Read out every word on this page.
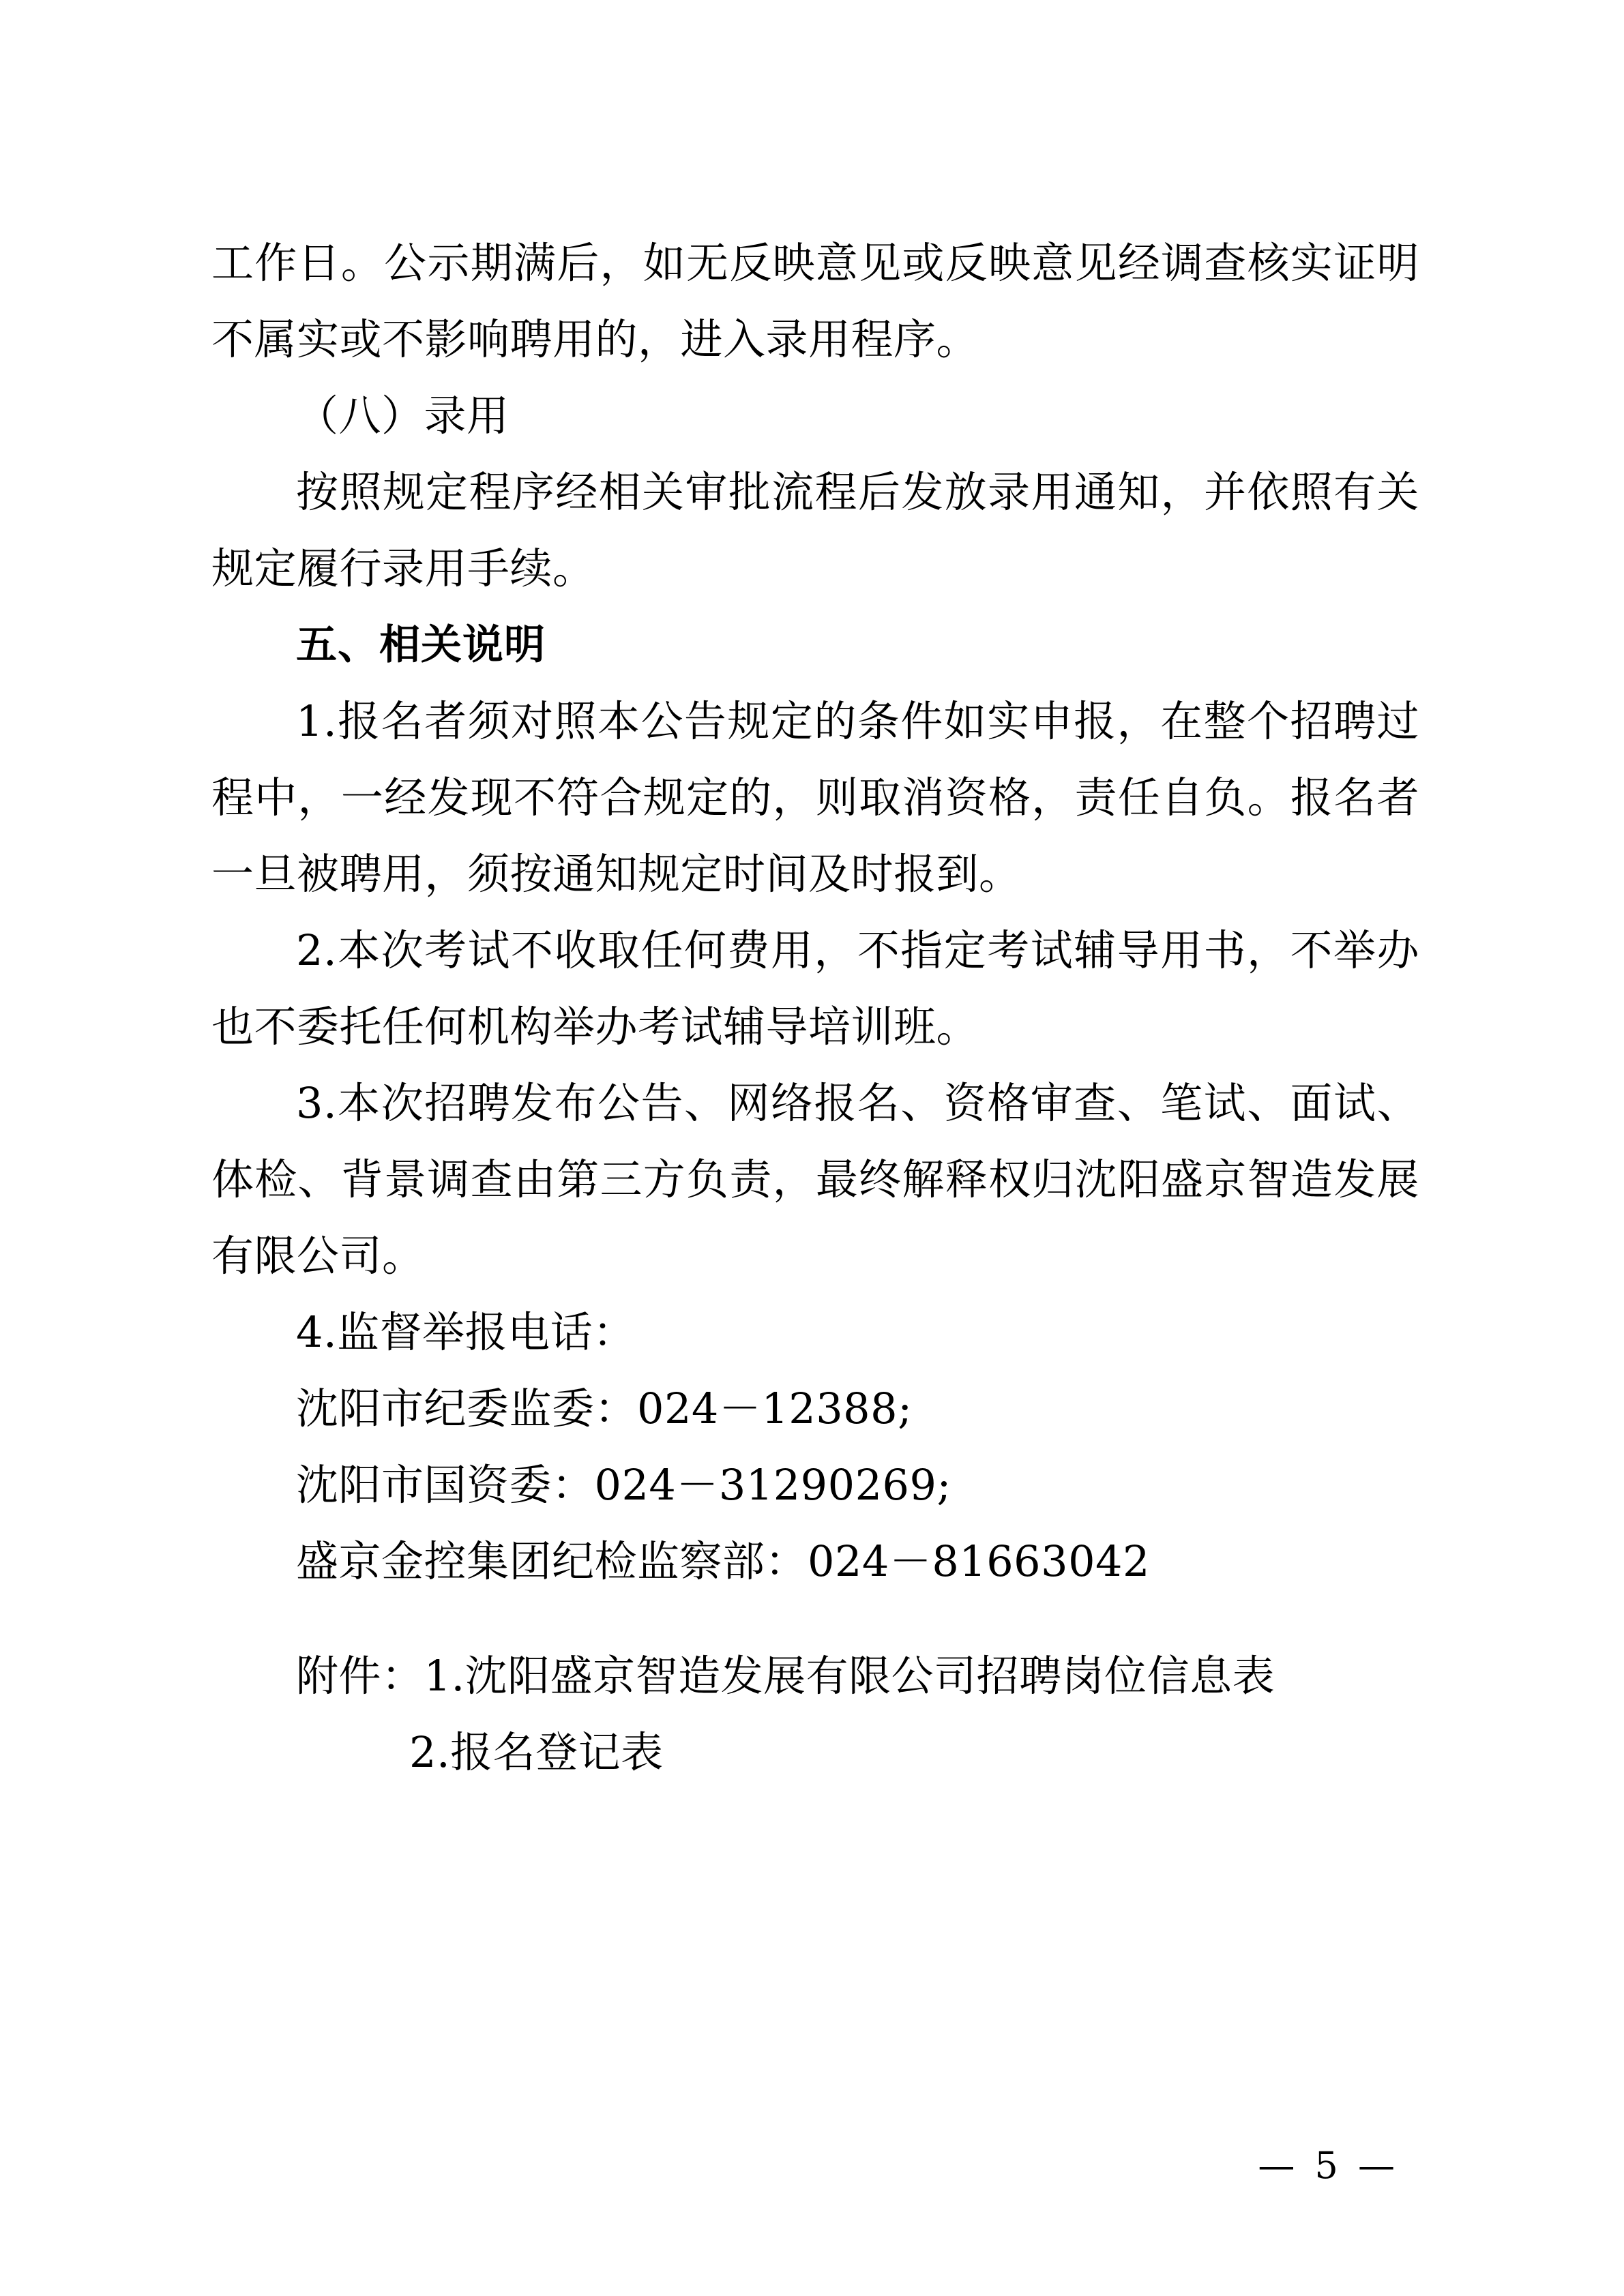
工作日。公示期满后，如无反映意见或反映意见经调查核实证明不属实或不影响聘用的，进入录用程序。

（八）录用

按照规定程序经相关审批流程后发放录用通知，并依照有关规定履行录用手续。

五、相关说明

1.报名者须对照本公告规定的条件如实申报，在整个招聘过程中，一经发现不符合规定的，则取消资格，责任自负。报名者一旦被聘用，须按通知规定时间及时报到。

2.本次考试不收取任何费用，不指定考试辅导用书，不举办也不委托任何机构举办考试辅导培训班。

3.本次招聘发布公告、网络报名、资格审查、笔试、面试、体检、背景调查由第三方负责，最终解释权归沈阳盛京智造发展有限公司。

4.监督举报电话：

沈阳市纪委监委：024－12388;

沈阳市国资委：024－31290269;

盛京金控集团纪检监察部：024－81663042

附件：1.沈阳盛京智造发展有限公司招聘岗位信息表

2.报名登记表

— 5 —
